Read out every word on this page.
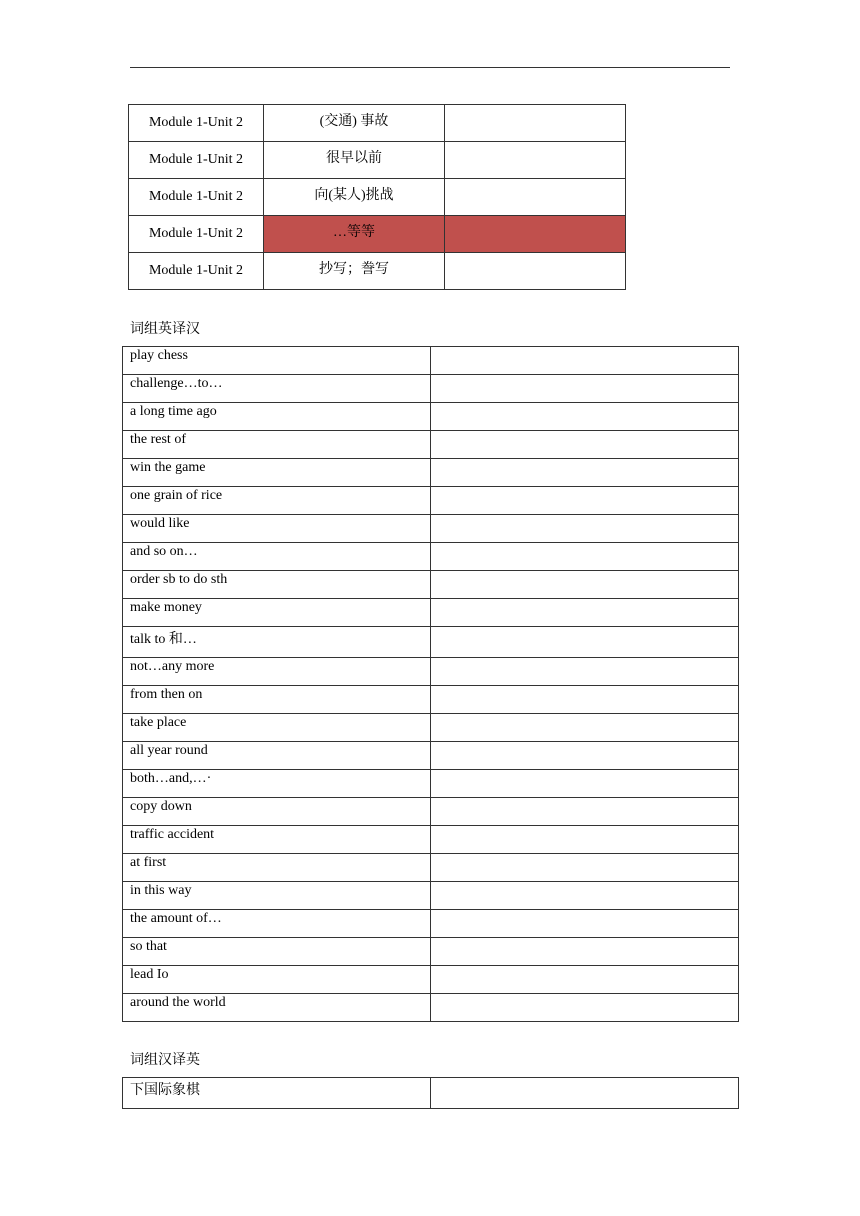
Module 1-Unit 2	(交通) 事故	
Module 1-Unit 2	很早以前	
Module 1-Unit 2	向(某人)挑战	
Module 1-Unit 2	…等等	
Module 1-Unit 2	抄写；誊写	
词组英译汉
play chess	
challenge…to…	
a long time ago	
the rest of	
win the game	
one grain of rice	
would like	
and so on…	
order sb to do sth	
make money	
talk to 和…	
not…any more	
from then on	
take place	
all year round	
both…and,…·	
copy down	
traffic accident	
at first	
in this way	
the amount of…	
so that	
lead Io	
around the world	
词组汉译英
下国际象棋	
